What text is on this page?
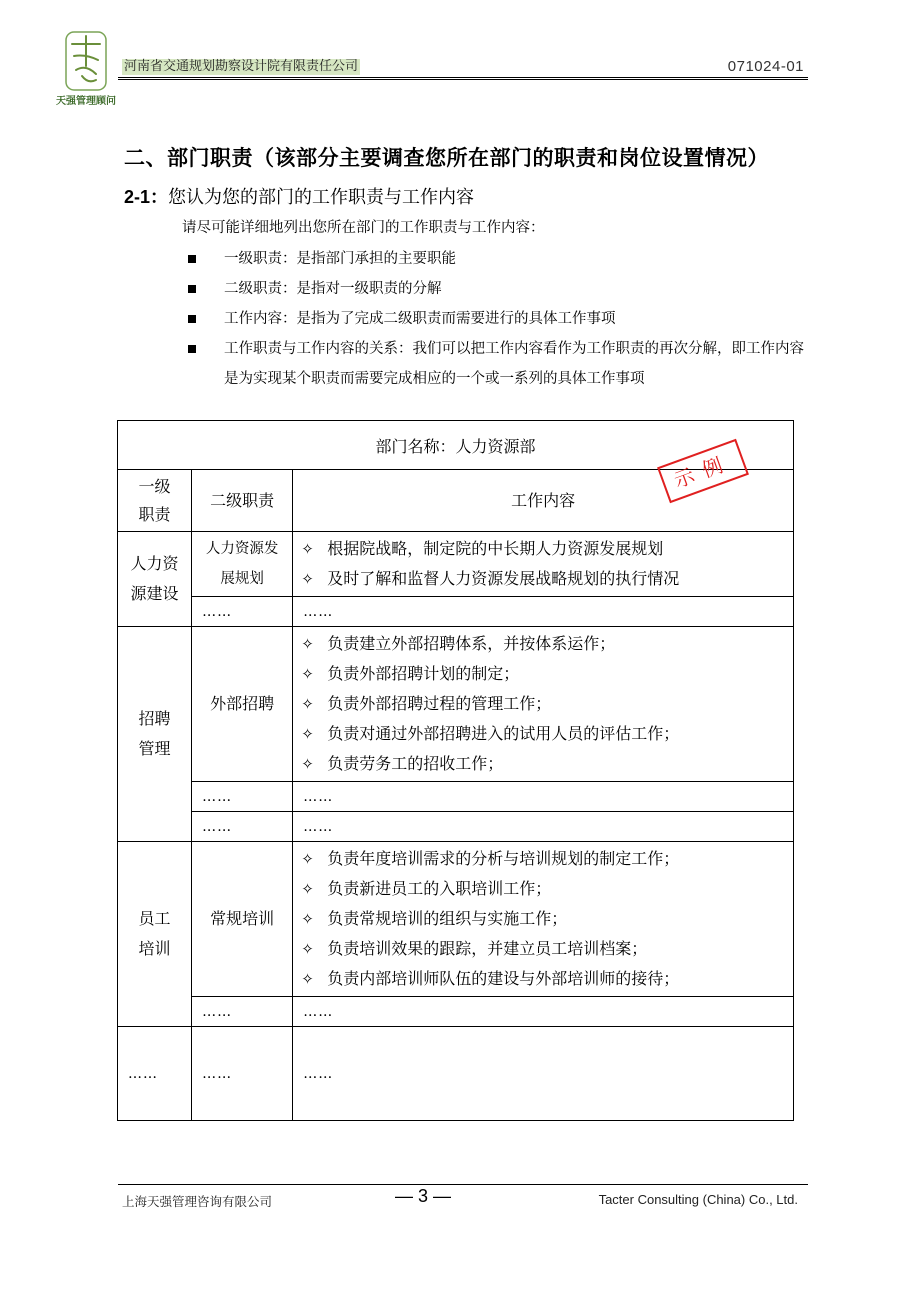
天强管理顾问
河南省交通规划勘察设计院有限责任公司	071024-01
二、部门职责（该部分主要调查您所在部门的职责和岗位设置情况）
2-1：您认为您的部门的工作职责与工作内容
请尽可能详细地列出您所在部门的工作职责与工作内容：
一级职责：是指部门承担的主要职能
二级职责：是指对一级职责的分解
工作内容：是指为了完成二级职责而需要进行的具体工作事项
工作职责与工作内容的关系：我们可以把工作内容看作为工作职责的再次分解，即工作内容是为实现某个职责而需要完成相应的一个或一系列的具体工作事项
部门名称：人力资源部		

一级职责	二级职责	工作内容

人力资源建设	人力资源发展规划	✧ 根据院战略，制定院的中长期人力资源发展规划
✧ 及时了解和监督人力资源发展战略规划的执行情况

	……	……

招聘管理	外部招聘	✧ 负责建立外部招聘体系，并按体系运作；
✧ 负责外部招聘计划的制定；
✧ 负责外部招聘过程的管理工作；
✧ 负责对通过外部招聘进入的试用人员的评估工作；
✧ 负责劳务工的招收工作；

	……	……
	……	……

员工培训	常规培训	✧ 负责年度培训需求的分析与培训规划的制定工作；
✧ 负责新进员工的入职培训工作；
✧ 负责常规培训的组织与实施工作；
✧ 负责培训效果的跟踪，并建立员工培训档案；
✧ 负责内部培训师队伍的建设与外部培训师的接待；

	……	……
……	……	……
示例
上海天强管理咨询有限公司	— 3 —	Tacter Consulting (China) Co., Ltd.
